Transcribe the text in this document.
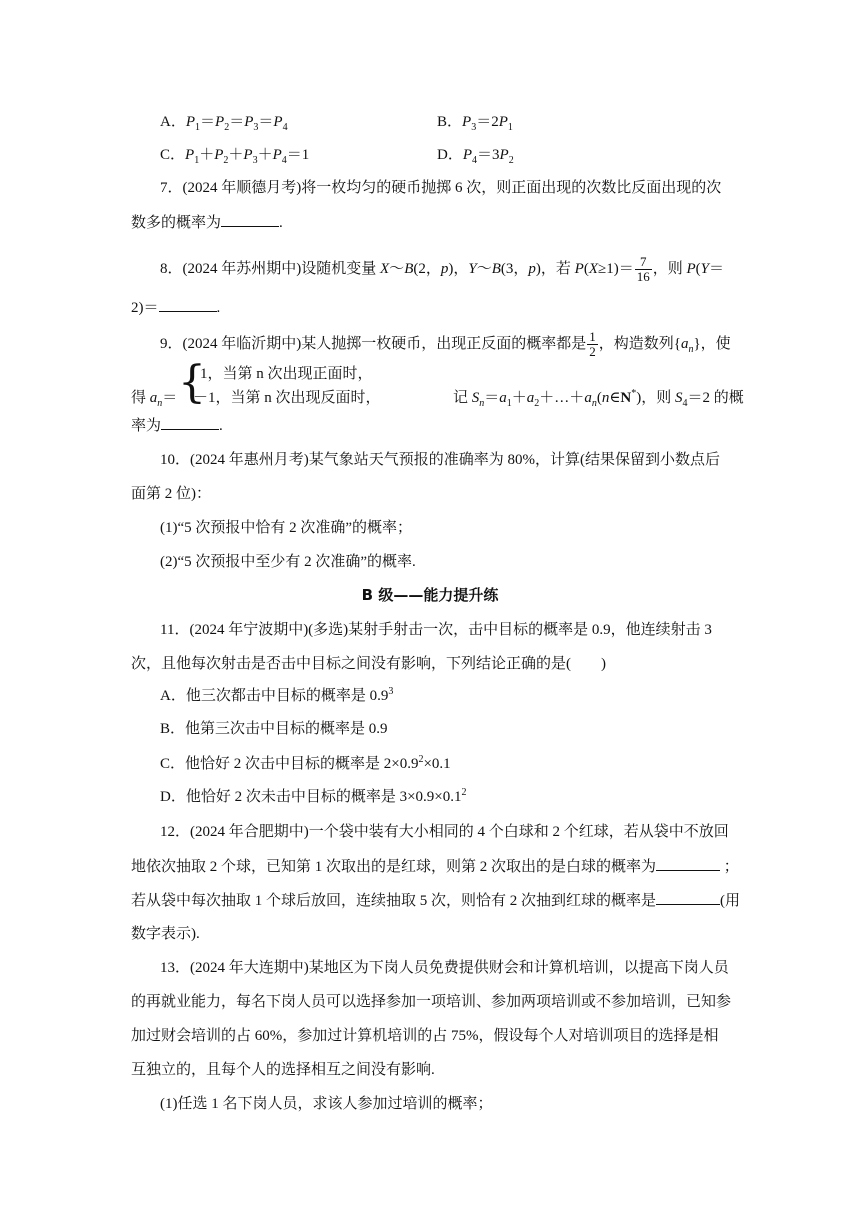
A．$P_1=P_2=P_3=P_4$	B．$P_3=2P_1$
C．$P_1+P_2+P_3+P_4=1$	D．$P_4=3P_2$
7．(2024 年顺德月考)将一枚均匀的硬币抛掷 6 次，则正面出现的次数比反面出现的次
数多的概率为	.
8．(2024 年苏州期中)设随机变量 X～B(2，p)，Y～B(3，p)，若 $P(X\ge 1)= \frac{7}{16}$ ，则 P(Y＝
2)＝	.
9．(2024 年临沂期中)某人抛掷一枚硬币，出现正反面的概率都是 $\frac{1}{2}$ ，构造数列$\{a_n\}$，使
{
1，当第 n 次出现正面时，
－1，当第 n 次出现反面时，
得 $a_n=$	记 $S_n=a_1+a_2+\dots+a_n(n\in N^*)$，则 $S_4=2$ 的概
率为	.
10．(2024 年惠州月考)某气象站天气预报的准确率为 80%，计算(结果保留到小数点后
面第 2 位)：
(1)“5 次预报中恰有 2 次准确”的概率；
(2)“5 次预报中至少有 2 次准确”的概率.
B 级——能力提升练
11．(2024 年宁波期中)(多选)某射手射击一次，击中目标的概率是 0.9，他连续射击 3
次，且他每次射击是否击中目标之间没有影响，下列结论正确的是(　　)
A．他三次都击中目标的概率是 $0.9^3$
B．他第三次击中目标的概率是 0.9
C．他恰好 2 次击中目标的概率是 $2\times 0.9^2\times 0.1$
D．他恰好 2 次未击中目标的概率是 $3\times 0.9\times 0.1^2$
12．(2024 年合肥期中)一个袋中装有大小相同的 4 个白球和 2 个红球，若从袋中不放回
地依次抽取 2 个球，已知第 1 次取出的是红球，则第 2 次取出的是白球的概率为	；
若从袋中每次抽取 1 个球后放回，连续抽取 5 次，则恰有 2 次抽到红球的概率是	(用
数字表示).
13．(2024 年大连期中)某地区为下岗人员免费提供财会和计算机培训，以提高下岗人员
的再就业能力，每名下岗人员可以选择参加一项培训、参加两项培训或不参加培训，已知参
加过财会培训的占 60%，参加过计算机培训的占 75%，假设每个人对培训项目的选择是相
互独立的，且每个人的选择相互之间没有影响.
(1)任选 1 名下岗人员，求该人参加过培训的概率；
